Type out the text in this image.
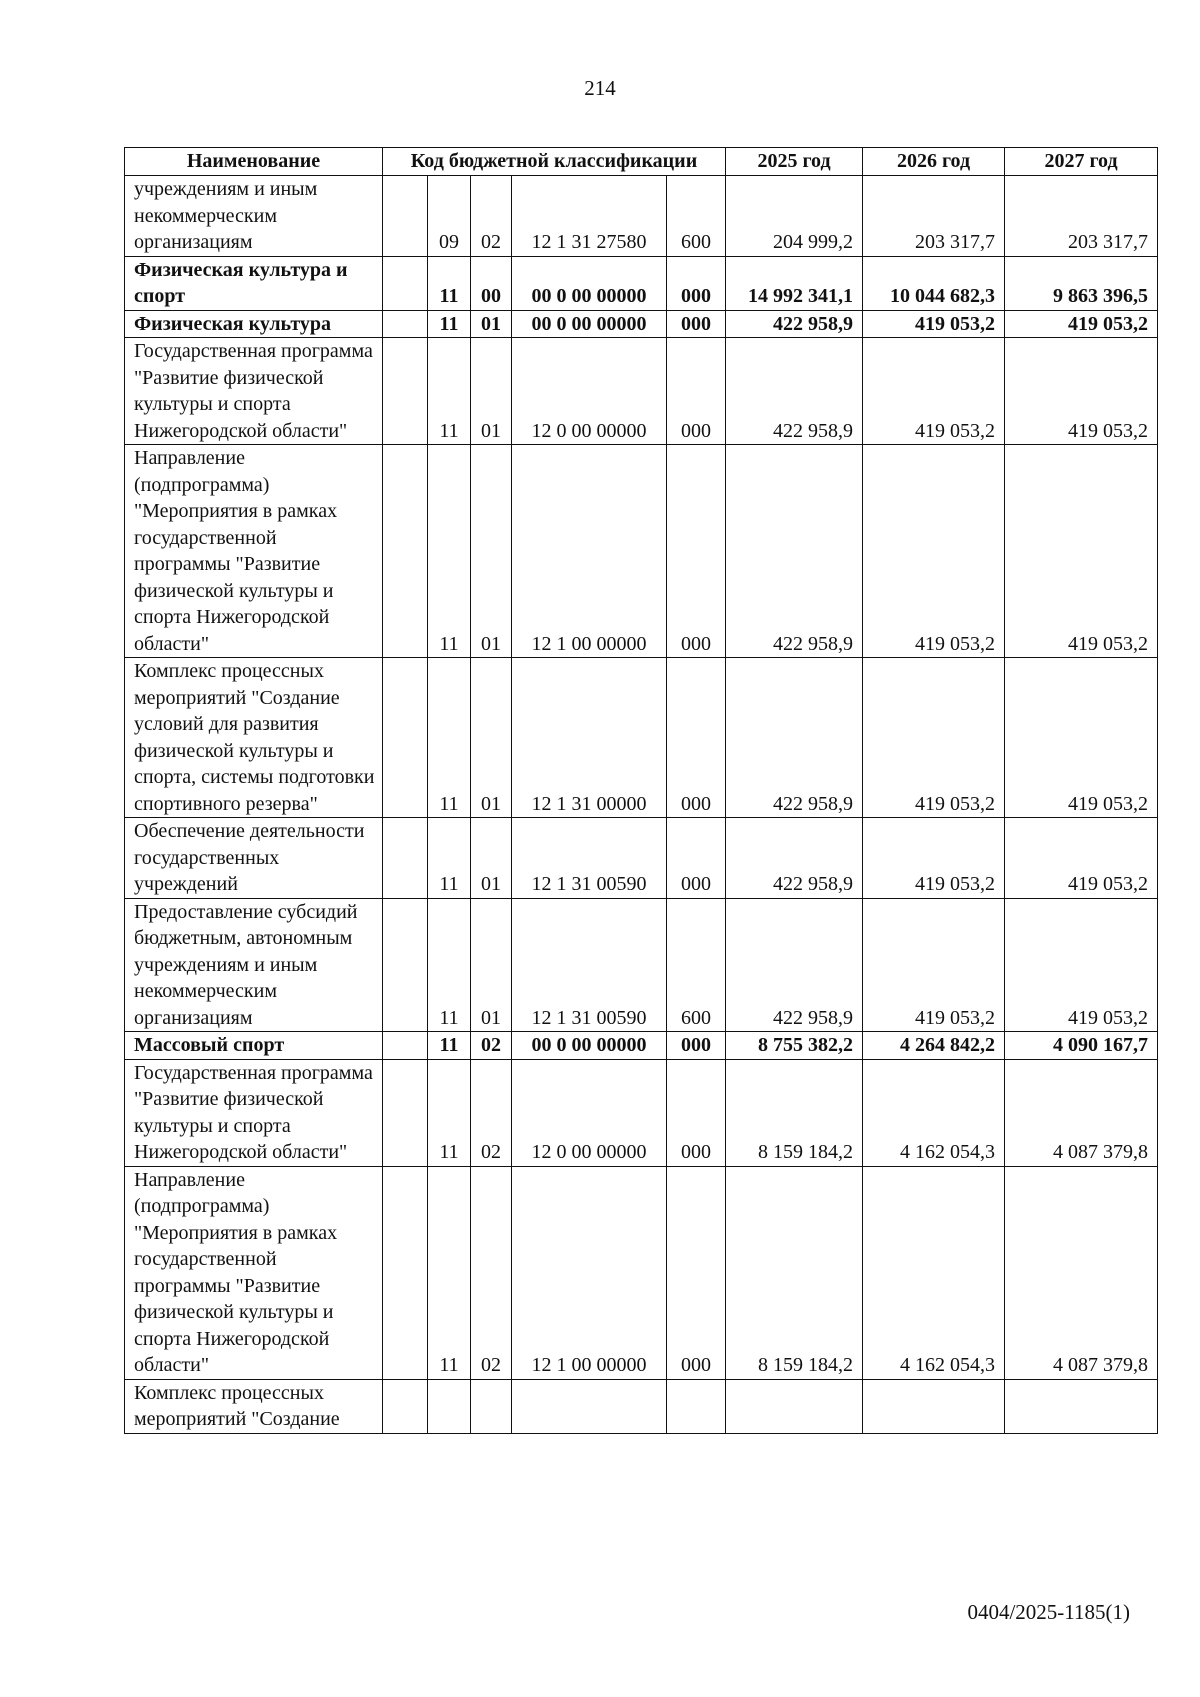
214
Наименование	Код бюджетной классификации					2025 год	2026 год	2027 год
учреждениям и иным некоммерческим организациям		09	02	12 1 31 27580	600	204 999,2	203 317,7	203 317,7
Физическая культура и спорт		11	00	00 0 00 00000	000	14 992 341,1	10 044 682,3	9 863 396,5
Физическая культура		11	01	00 0 00 00000	000	422 958,9	419 053,2	419 053,2
Государственная программа "Развитие физической культуры и спорта Нижегородской области"		11	01	12 0 00 00000	000	422 958,9	419 053,2	419 053,2
Направление (подпрограмма) "Мероприятия в рамках государственной программы "Развитие физической культуры и спорта Нижегородской области"		11	01	12 1 00 00000	000	422 958,9	419 053,2	419 053,2
Комплекс процессных мероприятий "Создание условий для развития физической культуры и спорта, системы подготовки спортивного резерва"		11	01	12 1 31 00000	000	422 958,9	419 053,2	419 053,2
Обеспечение деятельности государственных учреждений		11	01	12 1 31 00590	000	422 958,9	419 053,2	419 053,2
Предоставление субсидий бюджетным, автономным учреждениям и иным некоммерческим организациям		11	01	12 1 31 00590	600	422 958,9	419 053,2	419 053,2
Массовый спорт		11	02	00 0 00 00000	000	8 755 382,2	4 264 842,2	4 090 167,7
Государственная программа "Развитие физической культуры и спорта Нижегородской области"		11	02	12 0 00 00000	000	8 159 184,2	4 162 054,3	4 087 379,8
Направление (подпрограмма) "Мероприятия в рамках государственной программы "Развитие физической культуры и спорта Нижегородской области"		11	02	12 1 00 00000	000	8 159 184,2	4 162 054,3	4 087 379,8
Комплекс процессных мероприятий "Создание								
0404/2025-1185(1)
